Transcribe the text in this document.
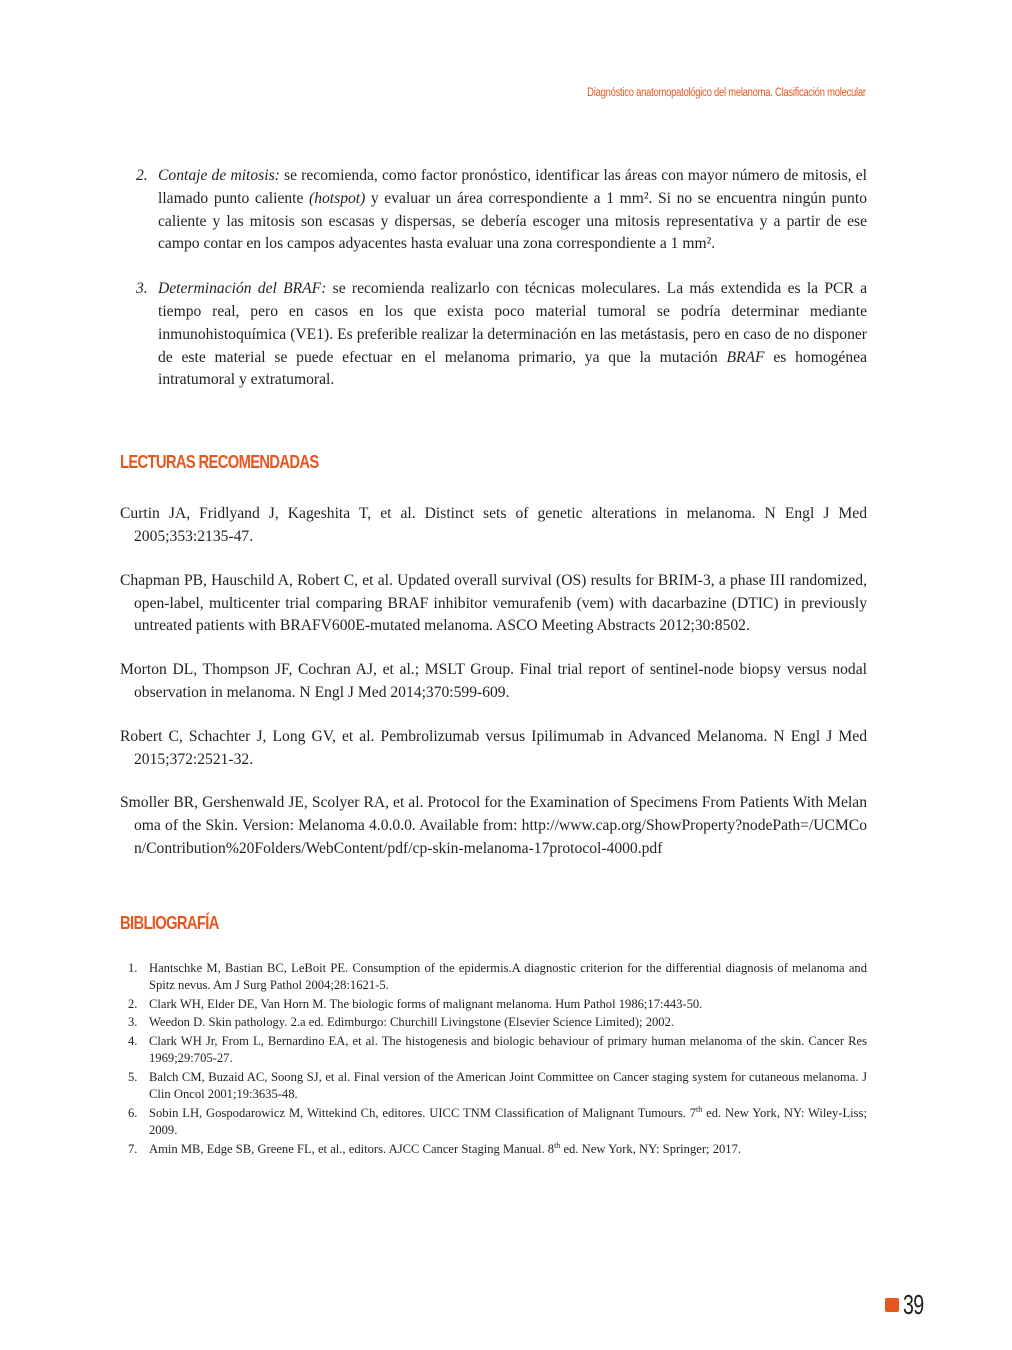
Diagnóstico anatomopatológico del melanoma. Clasificación molecular

2. Contaje de mitosis: se recomienda, como factor pronóstico, identificar las áreas con mayor número de mitosis, el llamado punto caliente (hotspot) y evaluar un área correspondiente a 1 mm². Si no se encuentra ningún punto caliente y las mitosis son escasas y dispersas, se debería escoger una mitosis representativa y a partir de ese campo contar en los campos adyacentes hasta evaluar una zona correspondiente a 1 mm².

3. Determinación del BRAF: se recomienda realizarlo con técnicas moleculares. La más extendida es la PCR a tiempo real, pero en casos en los que exista poco material tumoral se podría determinar mediante inmunohistoquímica (VE1). Es preferible realizar la determinación en las metástasis, pero en caso de no disponer de este material se puede efectuar en el melanoma primario, ya que la mutación BRAF es homogénea intratumoral y extratumoral.

LECTURAS RECOMENDADAS

Curtin JA, Fridlyand J, Kageshita T, et al. Distinct sets of genetic alterations in melanoma. N Engl J Med 2005;353:2135-47.

Chapman PB, Hauschild A, Robert C, et al. Updated overall survival (OS) results for BRIM-3, a phase III randomized, open-label, multicenter trial comparing BRAF inhibitor vemurafenib (vem) with dacarbazine (DTIC) in previously untreated patients with BRAFV600E-mutated melanoma. ASCO Meeting Abstracts 2012;30:8502.

Morton DL, Thompson JF, Cochran AJ, et al.; MSLT Group. Final trial report of sentinel-node biopsy versus nodal observation in melanoma. N Engl J Med 2014;370:599-609.

Robert C, Schachter J, Long GV, et al. Pembrolizumab versus Ipilimumab in Advanced Melanoma. N Engl J Med 2015;372:2521-32.

Smoller BR, Gershenwald JE, Scolyer RA, et al. Protocol for the Examination of Specimens From Patients With Melanoma of the Skin. Version: Melanoma 4.0.0.0. Available from: http://www.cap.org/ShowProperty?nodePath=/UCMCon/Contribution%20Folders/WebContent/pdf/cp-skin-melanoma-17protocol-4000.pdf

BIBLIOGRAFÍA
1. Hantschke M, Bastian BC, LeBoit PE. Consumption of the epidermis.A diagnostic criterion for the differential diagnosis of melanoma and Spitz nevus. Am J Surg Pathol 2004;28:1621-5.
2. Clark WH, Elder DE, Van Horn M. The biologic forms of malignant melanoma. Hum Pathol 1986;17:443-50.
3. Weedon D. Skin pathology. 2.a ed. Edimburgo: Churchill Livingstone (Elsevier Science Limited); 2002.
4. Clark WH Jr, From L, Bernardino EA, et al. The histogenesis and biologic behaviour of primary human melanoma of the skin. Cancer Res 1969;29:705-27.
5. Balch CM, Buzaid AC, Soong SJ, et al. Final version of the American Joint Committee on Cancer staging system for cutaneous melanoma. J Clin Oncol 2001;19:3635-48.
6. Sobin LH, Gospodarowicz M, Wittekind Ch, editores. UICC TNM Classification of Malignant Tumours. 7th ed. New York, NY: Wiley-Liss; 2009.
7. Amin MB, Edge SB, Greene FL, et al., editors. AJCC Cancer Staging Manual. 8th ed. New York, NY: Springer; 2017.
39
